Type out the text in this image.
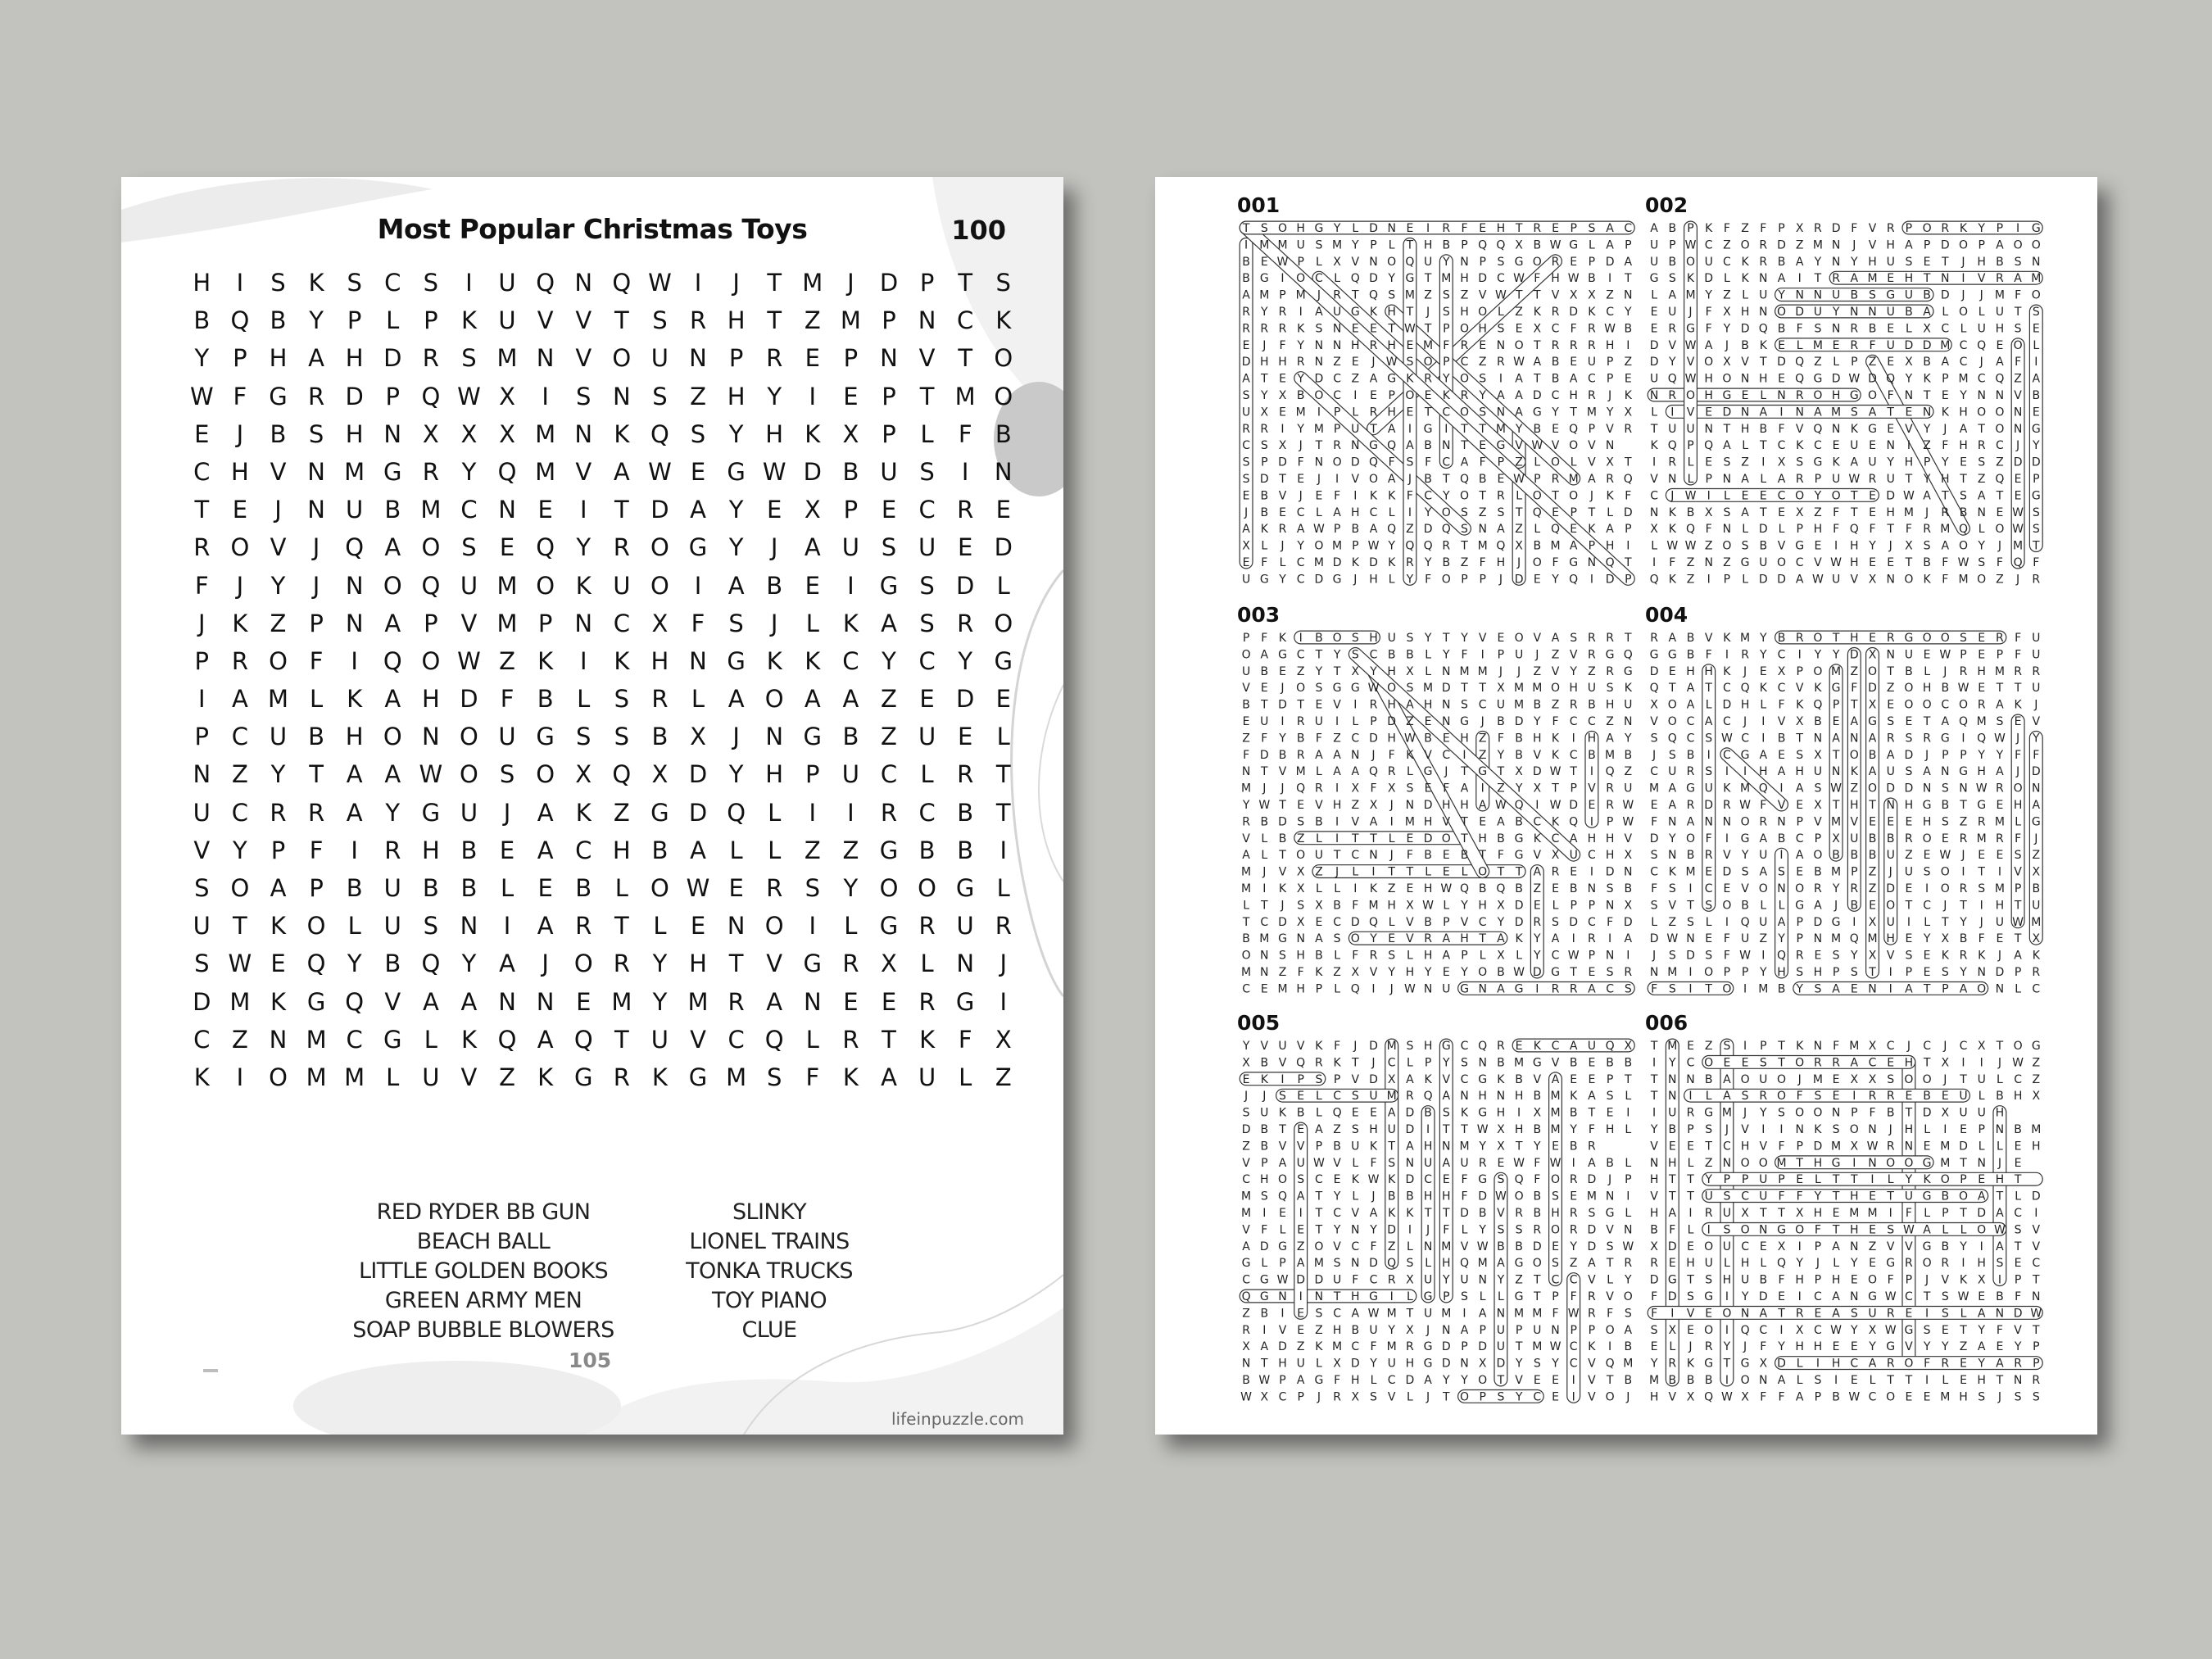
Most Popular Christmas Toys	100
H	I	S K S C S	I	U Q N Q W I	J	T M	J	D P T S
B Q B Y P	L	P K U V V T S R H T Z M P N C K
Y P H A H D R S M N V O U N P R E P N V T O
W F G R D P Q W X	I	S N S Z H Y	I	E P T M O
E	J	B S H N X X X M N K Q S Y H K X P	L	F B
C H V N M G R Y Q M V A W E G W D B U S	I	N
T E	J	N U B M C N E	I	T D A Y E X P E C R E
R O V	J	Q A O S E Q Y R O G Y	J	A U S U E D
F	J	Y	J	N O Q U M O K U O	I	A B E	I	G S D L
J	K Z P N A P V M P N C X F	S	J	L	K A S R O
P R O F	I	Q O W Z K	I	K H N G K K C Y C Y G
I	A M L	K A H D F B L	S R L A O A A Z E D E
P C U B H O N O U G S S B X	J	N G B Z U E	L
N Z Y T A A W O S O X Q X D Y H P U C L R T
U C R R A Y G U	J	A K Z G D Q L	I	I	R C B T
V Y P	F	I	R H B E A C H B A L	L Z Z G B B	I
S O A P B U B B L	E B L O W E R S Y O O G L
U T K O L U S N	I	A R T	L	E N O	I	L G R U R
S W E Q Y B Q Y A	J	O R Y H T V G R X L N	J
D M K G Q V A A N N E M Y M R A N E E R G	I
C Z N M C G L	K Q A Q T U V C Q L R T K F X
K	I	O M M L U V Z K G R K G M S	F K A U L Z
RED RYDER BB GUN
BEACH BALL
LITTLE GOLDEN BOOKS
GREEN ARMY MEN
SOAP BUBBLE BLOWERS
SLINKY
LIONEL TRAINS
TONKA TRUCKS
TOY PIANO
CLUE
105
lifeinpuzzle.com
001
T S O H G Y L D N E I R F E H T R E P S A C
I M M U S M Y P L T H B P Q Q X B W G L A P
B E W P L X V N O Q U Y N P S G O R E P D A
B G I O C L Q D Y G T M H D C W F H W B I T
A M P M J R T Q S M Z S Z V W T T V X X Z N
R Y R I A U G K H T J S H O L Z K R D K C Y
R R R K S N E E T W T P O H S E X C F R W B
E J F Y N N H R H E M F R E N O T R R R H I
D H H R N Z E J W S O P C Z R W A B E U P Z
A T E Y D C Z A G K R Y O S I A T B A C P E
S Y X B O C I E P O E K R Y A A D C H R J K
U X E M I P L R H E T C O S N A G Y T M Y X
R R I Y M P U T A I G I T T M Y B E Q P V R
C S X J T R N G Q A B N T E G V W V O V N
S P D F N O D Q F S F C A F P Z L O L V X T
S D T E J I V O A J B T Q B E W P R M A R Q
E B V J E F I K K F C Y O T R L O T O J K F
J B E C L A H C L I Y O S Z S T Q E P T L D
A K R A W P B A Q Z D Q S N A Z L Q E K A P
X L J Y O M P W Y Q Q R T M Q X B M A P H I
E F L C M D K D K R Y B Z F H J O F G N Q T
U G Y C D G J H L Y F O P P J D E Y Q I D P
002
A B P K F Z F P X R D F V R P O R K Y P I G
U P W C Z O R D Z M N J V H A P D O P A O O
U B O U C K R B A Y N Y H U S E T J H B S N
G S K D L K N A I T R A M E H T N I V R A M
L A M Y Z L U Y N N U B S G U B D J J M F O
E U J F X H N O D U Y N N U B A L O L U T S
E R G F Y D Q B F S N R B E L X C L U H S E
D V W A J B K E L M E R F U D D M C Q E O L
D Y V O X V T D Q Z L P Z E X B A C J A F I
U Q W H O N H E Q G D W D Q Y K P M C Q Z A
N R O H G E L N R O H G O F N T E Y N N V B
L I V E D N A I N A M S A T E N K H O O N E
T U U N T H B F V Q N K G E V Y J A T O N G
K Q P Q A L T C K C E U E N I Z F H R C J Y
I R L E S Z I X S G K A U Y H P Y E S Z D D
V N L P N A L A R P U W R U T Y H T Z Q E P
C J W I L E E C O Y O T E D W A T S A T E G
N K B X S A T E X Z F T E H M J R B N E W S
X K Q F N L D L P H F Q F T F R M Q L O W S
L W W Z O S B V G E I H Y J X S A O Y J M T
I F Z N Z G U O C V W H E E T B F W S F Q F
Q K Z I P L D D A W U V X N O K F M O Z J R
003
P F K I B O S H U S Y T Y V E O V A S R R T
O A G C T Y S C B B L Y F I P U J Z V R G Q
U B E Z Y T X Y H X L N M M J J Z V Y Z R G
V E J O S G G W O S M D T T X M M O H U S K
B T D T E V I R H A H N S C U M B Z R B H U
E U I R U I L P D Z E N G J B D Y F C C Z N
Z F Y B F Z C D H W B E H Z F B H K I H A Y
F D B R A A N J F K V C I Z Y B V K C B M B
N T V M L A A Q R L G J T G T X D W T I Q Z
M J J Q R I X F X S E F A I Z Y X T P V R U
Y W T E V H Z X J N D H H A W Q I W D E R W
R B D S B I V A I M H V T E A B C K Q I P W
V L B Z L I T T L E D O T H B G K C A H H V
A L T O U T C N J F B E B T F G V X U C H X
M J V X Z J L I T T L E L O T T A R E I D N
M I K X L L I K Z E H W Q B Q B Z E B N S B
L T J S X B F M H X W L Y H X D E L P P N X
T C D X E C D Q L V B P V C Y D R S D C F D
B M G N A S O Y E V R A H T A K Y A I R I A
O N S H B L F R S L H A P L X L Y C W P N I
M N Z F K Z X V Y H Y E Y O B W D G T E S R
C E M H P L Q I J W N U G N A G I R R A C S
004
R A B V K M Y B R O T H E R G O O S E R F U
G G B F I R Y C I Y Y D X N U E W P E P F U
D E H H K J E X P O M Z O T B L J R H M R R
Q T A T C Q K C V K G F D Z O H B W E T T U
X O A L D H L F K Q P T X E O O C O R A K J
V O C A C J I V X B E A G S E T A Q M S E V
S Q C S W C I B T N A N A R S R G I Q W J Y
J S B I C G A E S X T O B A D J P P Y Y F F
C U R S I I H A H U N K A U S A N G H A J D
M A G U K M Q I A S W Z O D D N S N W R O N
E A R D R W F V E X T H T N H G B T G E H A
F N A N N O R N P V M V E E E H S Z R M L G
D Y O F I G A B C P X U B B R O E R M R F J
S N B R V Y U I A O B B B U Z E W J E E S Z
C K M E D S A S E B M P Z J U S O I T I V X
F S I C E V O N O R Y R Z D E I O R S M P B
S V T S O B L L G A J B E O T C J T I H T U
L Z S L I Q U A P D G I X U I L T Y J U W M
D W N E F U Z Y P N M Q M H E Y X B F E T X
J S D S F W I Q R E S Y X V S E K R K J A K
N M I O P P Y H S H P S T I P E S Y N D P R
F S I T O I M B Y S A E N I A T P A O N L C
005
Y V U V K F J D M S H G C Q R E K C A U Q X
X B V Q R K T J C L P Y S N B M G V B E B B
E K I P S P V D X A K V C G K B V A E E P T
J J S E L C S U M R Q A N H N H B M K A S L
S U K B L Q E E A D B S K G H I X M B T E I
D B T E A Z S H U D I T T W X H B M Y F H L
Z B V V P B U K T A H N M Y X T Y E B R
V P A U W V L F S N U A U R E W F W I A B L
C H O S C E K W K D C E F G S Q F O R D J P
M S Q A T Y L J B B H H F D W O B S E M N I
M I E I T C V A K K T T D B V R B H R S G L
V F L E T Y N Y D I J F L Y S S R O R D V N
A D G Z O V C F Z L N M V W B B D E Y D S W
G L P A M S N D Q S L H Q M A G O S Z A T R
C G W D D U F C R X U Y U N Y Z T C C V L Y
Q G N I N T H G I L G P S L L G T P F R V O
Z B I E S C A W M T U M I A N M M F W R F S
R I V E Z H B U Y X J N A P U P U N P P O A
X A D Z K M C F M R G D P D U T M W C K I B
N T H U L X D Y U H G D N X D Y S Y C V Q M
B W P A G F H L C D A Y Y O T V E E I V T B
W X C P J R X S V L J T O P S Y C E I V O J
006
T M E Z S I P T K N F M X C J C J C X T O G
I Y C O E E S T O R R A C E H T X I I J W Z
T N N B A O U O J M E X X S O O J T U L C Z
T N I L A S R O F S E I R R E B E U L B H X
I U R G M J Y S O O N P F B T D X U U H
Y B P S J V I I N K S O N J H L I E P N B M
V E E T C H V F P D M X W R N E M D L L E H
N H L Z N O O M T H G I N O O G M T N J E
H T T Y P P U P E L T T I L Y K O P E H T
V T T U S C U F F Y T H E T U G B O A T L D
H A I R U X T T X H E M M I F L P T D A C I
B F L I S O N G O F T H E S W A L L O W S V
X D E O U C E X I P A N Z V V G B Y I A T V
R E H U L H L Q Y J L Y E G R O R I H S E C
D G T S H U B F H P H E O F P J V K X I P T
F D S G I Y D E I C A N G W C T S W E B F N
F I V E O N A T R E A S U R E I S L A N D W
S X E O I Q C I X C W Y X W G S E T Y F V T
E L J R Y J F Y H H E E Y G V Y Y Z A E Y P
Y R K G T G X D L I H C A R O F R E Y A R P
M B B B I O N A L S I E L T T I L E H T N R
H V X Q W X F F A P B W C O E E M H S J S S
